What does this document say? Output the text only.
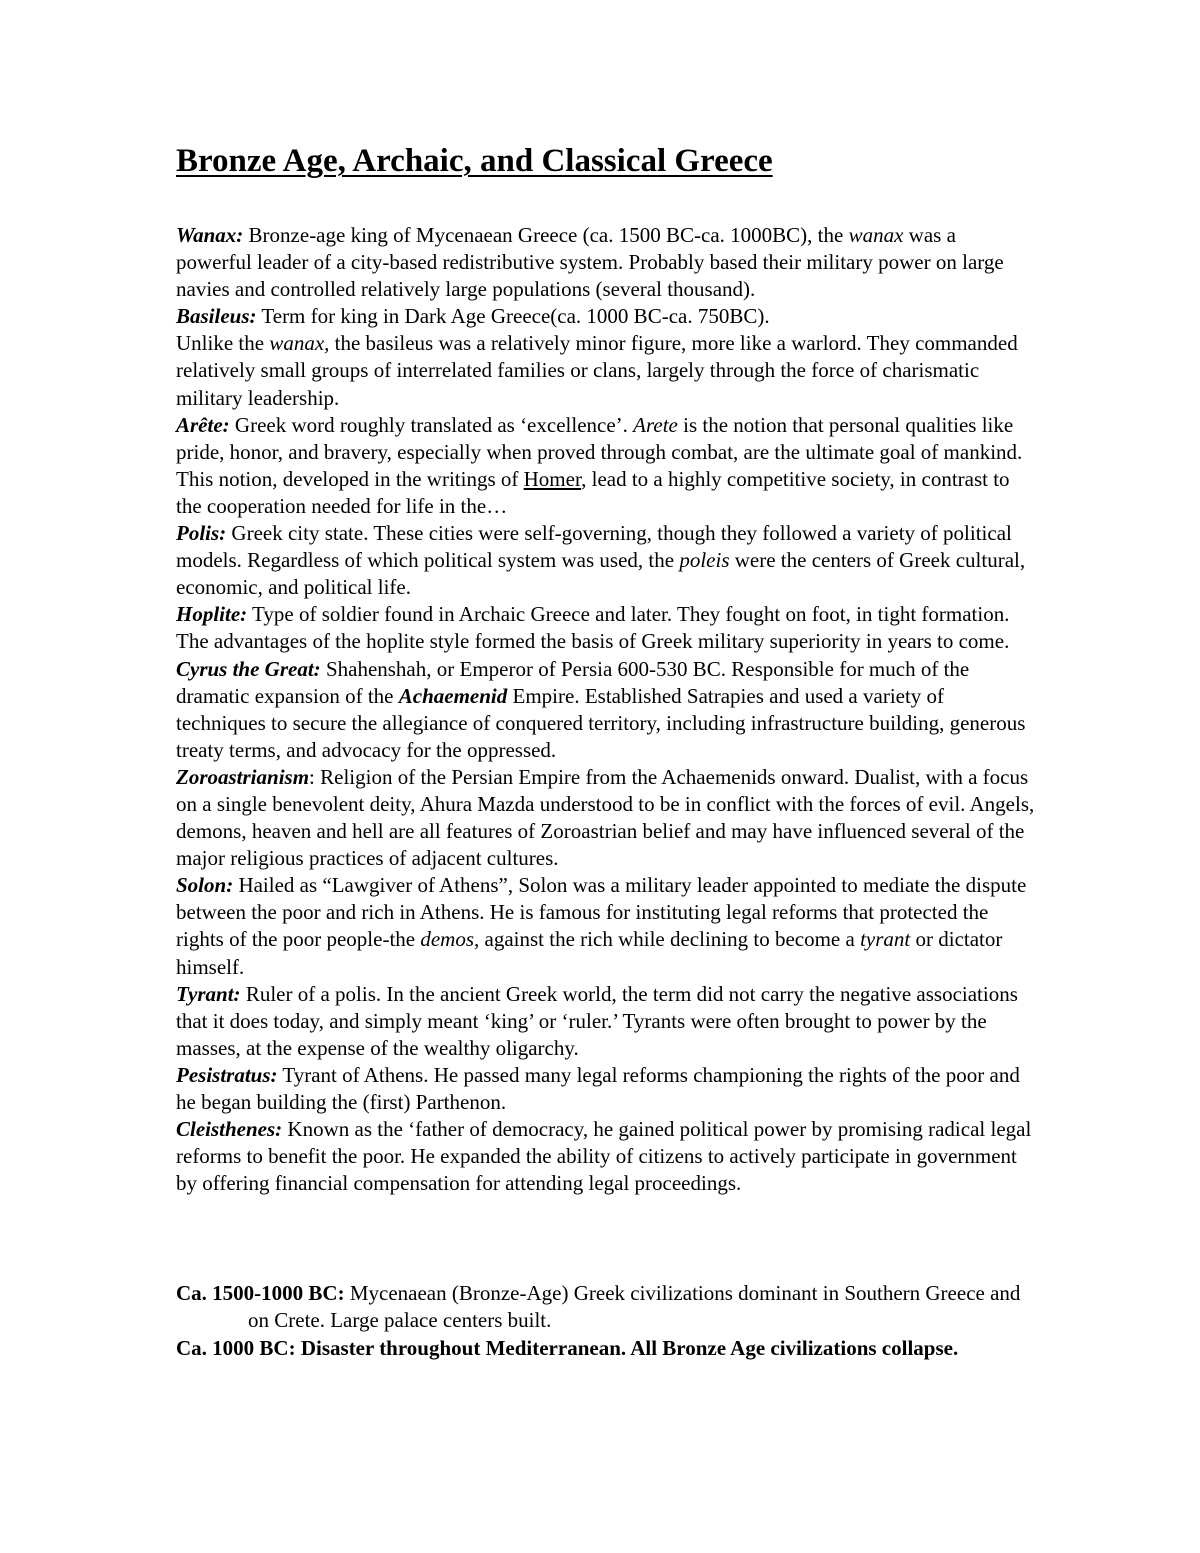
Bronze Age, Archaic, and Classical Greece

Wanax: Bronze-age king of Mycenaean Greece (ca. 1500 BC-ca. 1000BC), the wanax was a powerful leader of a city-based redistributive system. Probably based their military power on large navies and controlled relatively large populations (several thousand).

Basileus: Term for king in Dark Age Greece(ca. 1000 BC-ca. 750BC).
Unlike the wanax, the basileus was a relatively minor figure, more like a warlord. They commanded relatively small groups of interrelated families or clans, largely through the force of charismatic military leadership.

Arête: Greek word roughly translated as ‘excellence’. Arete is the notion that personal qualities like pride, honor, and bravery, especially when proved through combat, are the ultimate goal of mankind. This notion, developed in the writings of Homer, lead to a highly competitive society, in contrast to the cooperation needed for life in the…

Polis: Greek city state. These cities were self-governing, though they followed a variety of political models. Regardless of which political system was used, the poleis were the centers of Greek cultural, economic, and political life.

Hoplite: Type of soldier found in Archaic Greece and later. They fought on foot, in tight formation. The advantages of the hoplite style formed the basis of Greek military superiority in years to come.

Cyrus the Great: Shahenshah, or Emperor of Persia 600-530 BC. Responsible for much of the dramatic expansion of the Achaemenid Empire. Established Satrapies and used a variety of techniques to secure the allegiance of conquered territory, including infrastructure building, generous treaty terms, and advocacy for the oppressed.

Zoroastrianism: Religion of the Persian Empire from the Achaemenids onward. Dualist, with a focus on a single benevolent deity, Ahura Mazda understood to be in conflict with the forces of evil. Angels, demons, heaven and hell are all features of Zoroastrian belief and may have influenced several of the major religious practices of adjacent cultures.

Solon: Hailed as “Lawgiver of Athens”, Solon was a military leader appointed to mediate the dispute between the poor and rich in Athens. He is famous for instituting legal reforms that protected the rights of the poor people-the demos, against the rich while declining to become a tyrant or dictator himself.

Tyrant: Ruler of a polis. In the ancient Greek world, the term did not carry the negative associations that it does today, and simply meant ‘king’ or ‘ruler.’ Tyrants were often brought to power by the masses, at the expense of the wealthy oligarchy.

Pesistratus: Tyrant of Athens. He passed many legal reforms championing the rights of the poor and he began building the (first) Parthenon.

Cleisthenes: Known as the ‘father of democracy, he gained political power by promising radical legal reforms to benefit the poor. He expanded the ability of citizens to actively participate in government by offering financial compensation for attending legal proceedings.

Ca. 1500-1000 BC: Mycenaean (Bronze-Age) Greek civilizations dominant in Southern Greece and on Crete. Large palace centers built.

Ca. 1000 BC: Disaster throughout Mediterranean. All Bronze Age civilizations collapse.
